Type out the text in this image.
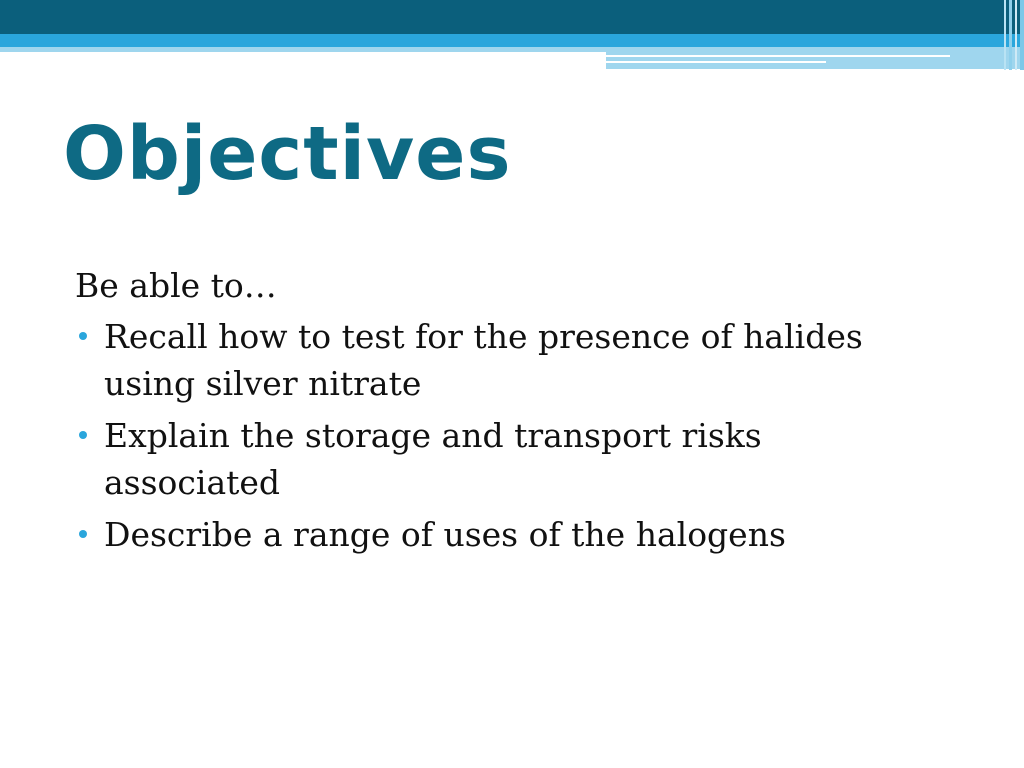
Objectives

Be able to…

Recall how to test for the presence of halides using silver nitrate
Explain the storage and transport risks associated
Describe a range of uses of the halogens
